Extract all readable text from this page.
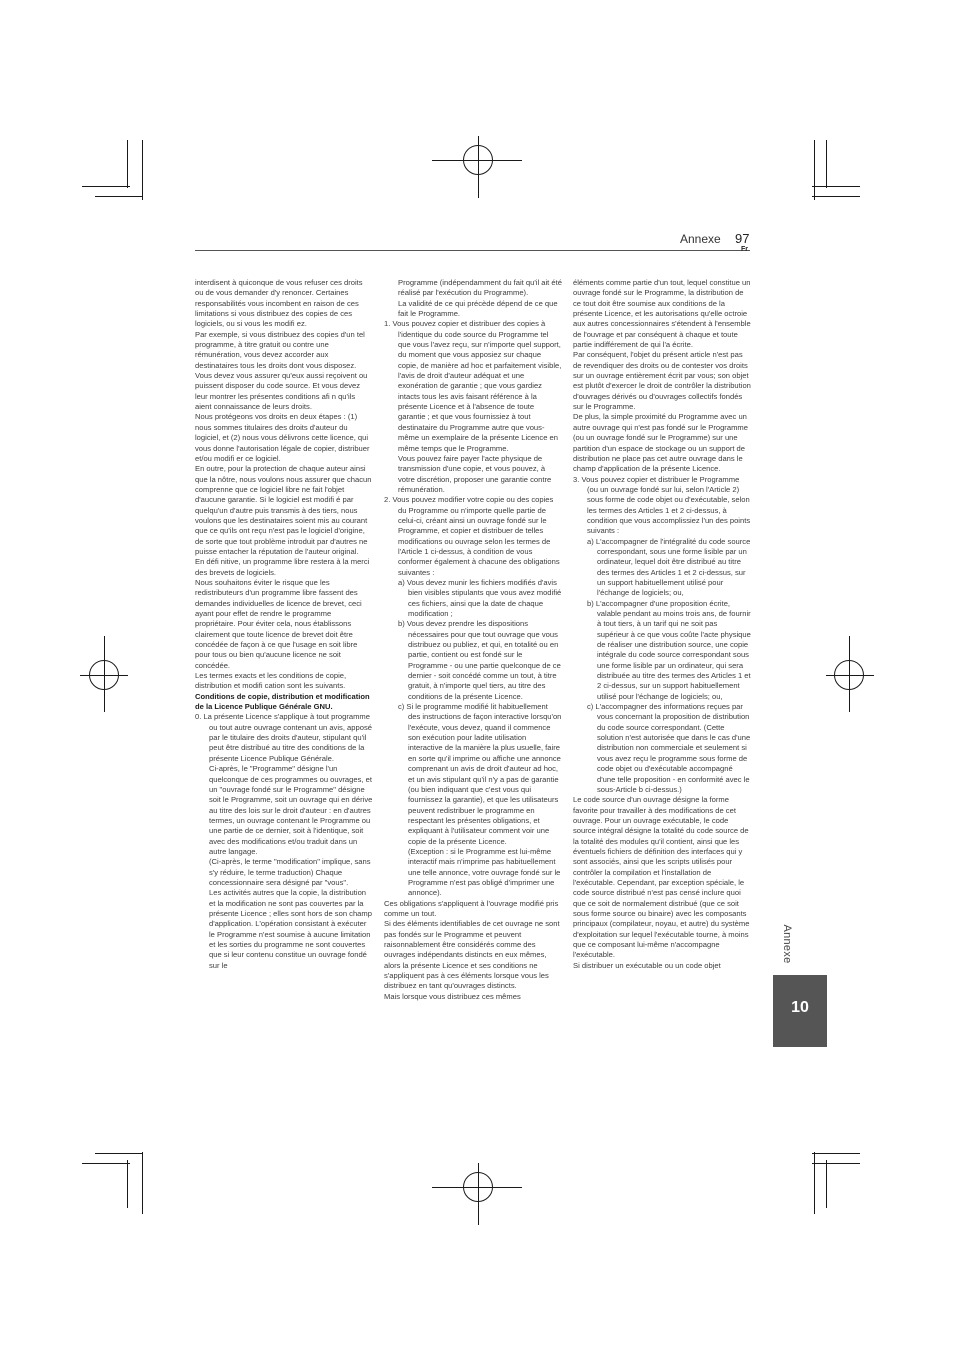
Annexe 97
Fr

interdisent à quiconque de vous refuser ces droits ou de vous demander d'y renoncer. Certaines responsabilités vous incombent en raison de ces limitations si vous distribuez des copies de ces logiciels, ou si vous les modifi ez.

Par exemple, si vous distribuez des copies d'un tel programme, à titre gratuit ou contre une rémunération, vous devez accorder aux destinataires tous les droits dont vous disposez.

Vous devez vous assurer qu'eux aussi reçoivent ou puissent disposer du code source. Et vous devez leur montrer les présentes conditions afi n qu'ils aient connaissance de leurs droits.

Nous protégeons vos droits en deux étapes : (1) nous sommes titulaires des droits d'auteur du logiciel, et (2) nous vous délivrons cette licence, qui vous donne l'autorisation légale de copier, distribuer et/ou modifi er ce logiciel.

En outre, pour la protection de chaque auteur ainsi que la nôtre, nous voulons nous assurer que chacun comprenne que ce logiciel libre ne fait l'objet d'aucune garantie. Si le logiciel est modifi é par quelqu'un d'autre puis transmis à des tiers, nous voulons que les destinataires soient mis au courant que ce qu'ils ont reçu n'est pas le logiciel d'origine, de sorte que tout problème introduit par d'autres ne puisse entacher la réputation de l'auteur original.

En défi nitive, un programme libre restera à la merci des brevets de logiciels.

Nous souhaitons éviter le risque que les redistributeurs d'un programme libre fassent des demandes individuelles de licence de brevet, ceci ayant pour effet de rendre le programme propriétaire. Pour éviter cela, nous établissons clairement que toute licence de brevet doit être concédée de façon à ce que l'usage en soit libre pour tous ou bien qu'aucune licence ne soit concédée.

Les termes exacts et les conditions de copie, distribution et modifi cation sont les suivants.

Conditions de copie, distribution et modification de la Licence Publique Générale GNU.

0. La présente Licence s'applique à tout programme ou tout autre ouvrage contenant un avis, apposé par le titulaire des droits d'auteur, stipulant qu'il peut être distribué au titre des conditions de la présente Licence Publique Générale.

Ci-après, le "Programme" désigne l'un quelconque de ces programmes ou ouvrages, et un "ouvrage fondé sur le Programme" désigne soit le Programme, soit un ouvrage qui en dérive au titre des lois sur le droit d'auteur : en d'autres termes, un ouvrage contenant le Programme ou une partie de ce dernier, soit à l'identique, soit avec des modifications et/ou traduit dans un autre langage.

(Ci-après, le terme "modification" implique, sans s'y réduire, le terme traduction) Chaque concessionnaire sera désigné par "vous".

Les activités autres que la copie, la distribution et la modification ne sont pas couvertes par la présente Licence ; elles sont hors de son champ d'application. L'opération consistant à exécuter le Programme n'est soumise à aucune limitation et les sorties du programme ne sont couvertes que si leur contenu constitue un ouvrage fondé sur le

Programme (indépendamment du fait qu'il ait été réalisé par l'exécution du Programme).

La validité de ce qui précède dépend de ce que fait le Programme.

1. Vous pouvez copier et distribuer des copies à l'identique du code source du Programme tel que vous l'avez reçu, sur n'importe quel support, du moment que vous apposiez sur chaque copie, de manière ad hoc et parfaitement visible, l'avis de droit d'auteur adéquat et une exonération de garantie ; que vous gardiez intacts tous les avis faisant référence à la présente Licence et à l'absence de toute garantie ; et que vous fournissiez à tout destinataire du Programme autre que vous-même un exemplaire de la présente Licence en même temps que le Programme.

Vous pouvez faire payer l'acte physique de transmission d'une copie, et vous pouvez, à votre discrétion, proposer une garantie contre rémunération.

2. Vous pouvez modifier votre copie ou des copies du Programme ou n'importe quelle partie de celui-ci, créant ainsi un ouvrage fondé sur le Programme, et copier et distribuer de telles modifications ou ouvrage selon les termes de l'Article 1 ci-dessus, à condition de vous conformer également à chacune des obligations suivantes :

a) Vous devez munir les fichiers modifiés d'avis bien visibles stipulants que vous avez modifié ces fichiers, ainsi que la date de chaque modification ;

b) Vous devez prendre les dispositions nécessaires pour que tout ouvrage que vous distribuez ou publiez, et qui, en totalité ou en partie, contient ou est fondé sur le Programme - ou une partie quelconque de ce dernier - soit concédé comme un tout, à titre gratuit, à n'importe quel tiers, au titre des conditions de la présente Licence.

c) Si le programme modifié lit habituellement des instructions de façon interactive lorsqu'on l'exécute, vous devez, quand il commence son exécution pour ladite utilisation interactive de la manière la plus usuelle, faire en sorte qu'il imprime ou affiche une annonce comprenant un avis de droit d'auteur ad hoc, et un avis stipulant qu'il n'y a pas de garantie (ou bien indiquant que c'est vous qui fournissez la garantie), et que les utilisateurs peuvent redistribuer le programme en respectant les présentes obligations, et expliquant à l'utilisateur comment voir une copie de la présente Licence.

(Exception : si le Programme est lui-même interactif mais n'imprime pas habituellement une telle annonce, votre ouvrage fondé sur le Programme n'est pas obligé d'imprimer une annonce).

Ces obligations s'appliquent à l'ouvrage modifié pris comme un tout.

Si des éléments identifiables de cet ouvrage ne sont pas fondés sur le Programme et peuvent raisonnablement être considérés comme des ouvrages indépendants distincts en eux mêmes, alors la présente Licence et ses conditions ne s'appliquent pas à ces éléments lorsque vous les distribuez en tant qu'ouvrages distincts.

Mais lorsque vous distribuez ces mêmes

éléments comme partie d'un tout, lequel constitue un ouvrage fondé sur le Programme, la distribution de ce tout doit être soumise aux conditions de la présente Licence, et les autorisations qu'elle octroie aux autres concessionnaires s'étendent à l'ensemble de l'ouvrage et par conséquent à chaque et toute partie indifférement de qui l'a écrite.

Par conséquent, l'objet du présent article n'est pas de revendiquer des droits ou de contester vos droits sur un ouvrage entièrement écrit par vous; son objet est plutôt d'exercer le droit de contrôler la distribution d'ouvrages dérivés ou d'ouvrages collectifs fondés sur le Programme.

De plus, la simple proximité du Programme avec un autre ouvrage qui n'est pas fondé sur le Programme (ou un ouvrage fondé sur le Programme) sur une partition d'un espace de stockage ou un support de distribution ne place pas cet autre ouvrage dans le champ d'application de la présente Licence.

3. Vous pouvez copier et distribuer le Programme (ou un ouvrage fondé sur lui, selon l'Article 2) sous forme de code objet ou d'exécutable, selon les termes des Articles 1 et 2 ci-dessus, à condition que vous accomplissiez l'un des points suivants :

a) L'accompagner de l'intégralité du code source correspondant, sous une forme lisible par un ordinateur, lequel doit être distribué au titre des termes des Articles 1 et 2 ci-dessus, sur un support habituellement utilisé pour l'échange de logiciels; ou,

b) L'accompagner d'une proposition écrite, valable pendant au moins trois ans, de fournir à tout tiers, à un tarif qui ne soit pas supérieur à ce que vous coûte l'acte physique de réaliser une distribution source, une copie intégrale du code source correspondant sous une forme lisible par un ordinateur, qui sera distribuée au titre des termes des Articles 1 et 2 ci-dessus, sur un support habituellement utilisé pour l'échange de logiciels; ou,

c) L'accompagner des informations reçues par vous concernant la proposition de distribution du code source correspondant. (Cette solution n'est autorisée que dans le cas d'une distribution non commerciale et seulement si vous avez reçu le programme sous forme de code objet ou d'exécutable accompagné d'une telle proposition - en conformité avec le sous-Article b ci-dessus.)

Le code source d'un ouvrage désigne la forme favorite pour travailler à des modifications de cet ouvrage. Pour un ouvrage exécutable, le code source intégral désigne la totalité du code source de la totalité des modules qu'il contient, ainsi que les éventuels fichiers de définition des interfaces qui y sont associés, ainsi que les scripts utilisés pour contrôler la compilation et l'installation de l'exécutable. Cependant, par exception spéciale, le code source distribué n'est pas censé inclure quoi que ce soit de normalement distribué (que ce soit sous forme source ou binaire) avec les composants principaux (compilateur, noyau, et autre) du système d'exploitation sur lequel l'exécutable tourne, à moins que ce composant lui-même n'accompagne l'exécutable.

Si distribuer un exécutable ou un code objet

Annexe
10
